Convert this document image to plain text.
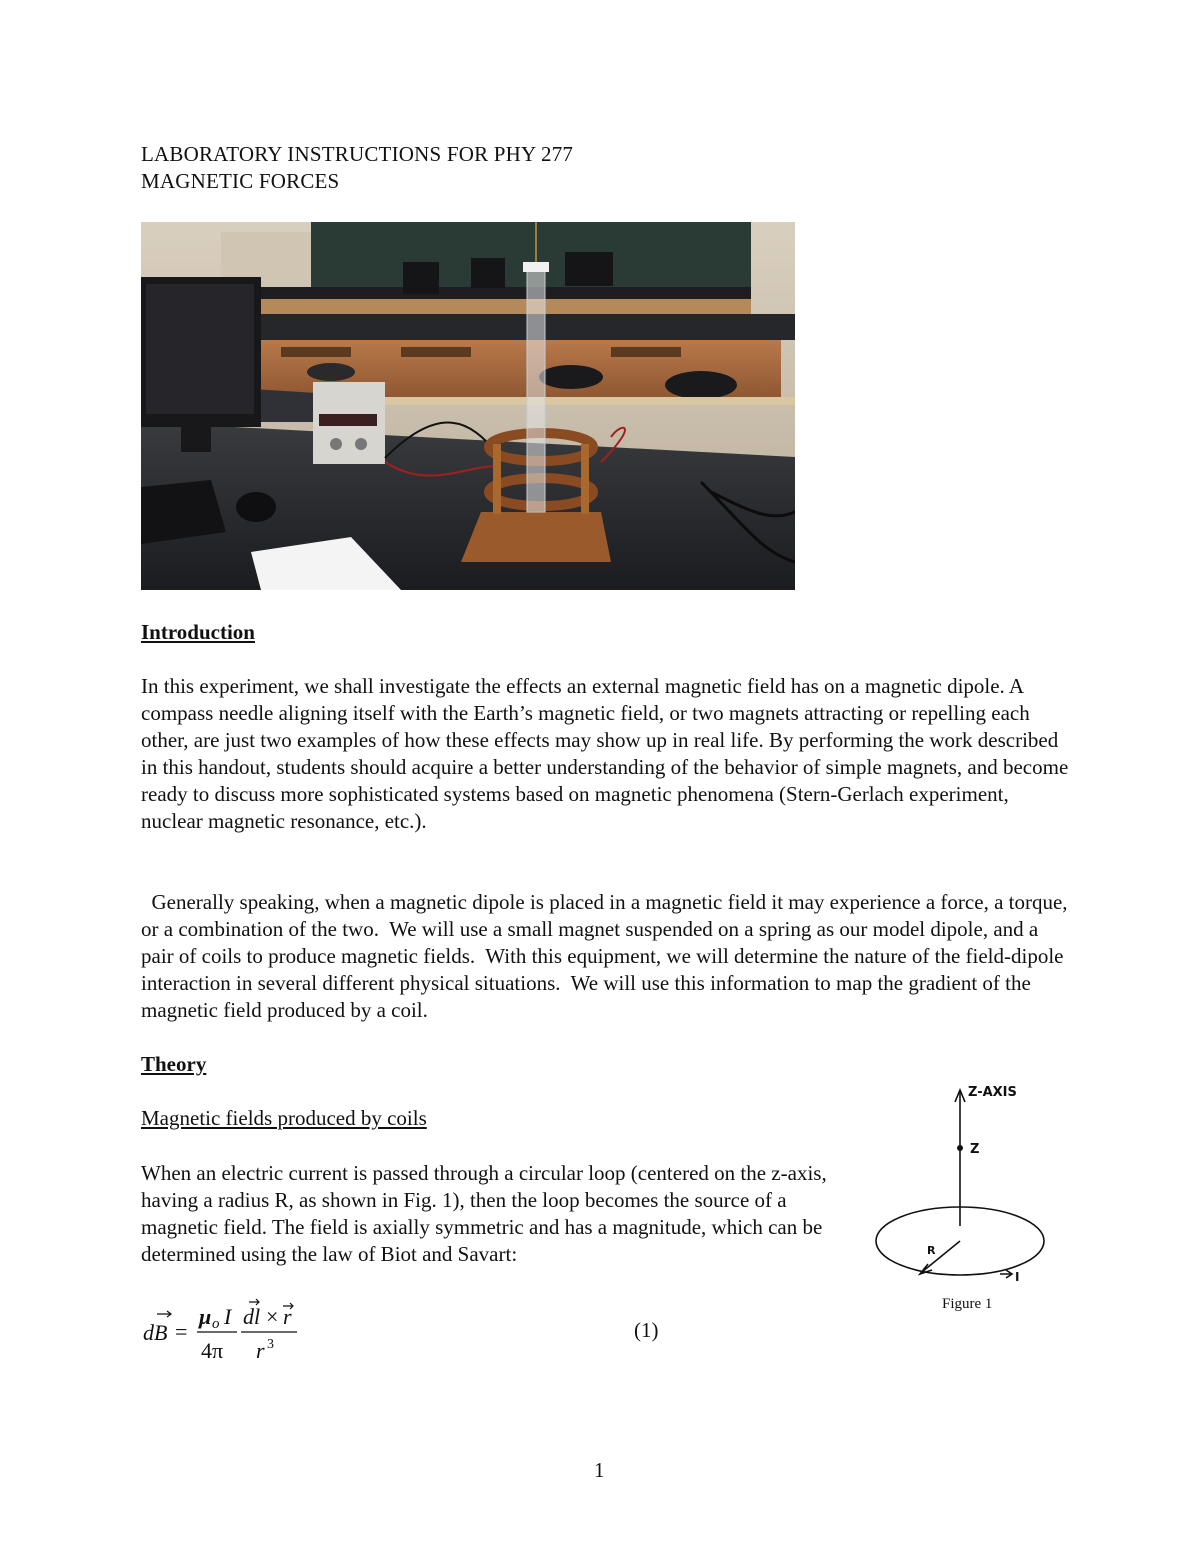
LABORATORY INSTRUCTIONS FOR PHY 277
MAGNETIC FORCES
Introduction

In this experiment, we shall investigate the effects an external magnetic field has on a magnetic dipole. A compass needle aligning itself with the Earth’s magnetic field, or two magnets attracting or repelling each other, are just two examples of how these effects may show up in real life. By performing the work described in this handout, students should acquire a better understanding of the behavior of simple magnets, and become ready to discuss more sophisticated systems based on magnetic phenomena (Stern-Gerlach experiment, nuclear magnetic resonance, etc.).

Generally speaking, when a magnetic dipole is placed in a magnetic field it may experience a force, a torque, or a combination of the two.  We will use a small magnet suspended on a spring as our model dipole, and a pair of coils to produce magnetic fields.  With this equipment, we will determine the nature of the field-dipole interaction in several different physical situations.  We will use this information to map the gradient of the magnetic field produced by a coil.

Theory
Magnetic fields produced by coils

When an electric current is passed through a circular loop (centered on the z-axis, having a radius R, as shown in Fig. 1), then the loop becomes the source of a magnetic field. The field is axially symmetric and has a magnitude, which can be determined using the law of Biot and Savart:

dB =
μ o I
4π
dl × r
r 3
(1)
Z-AXIS
Z
R
I
Figure 1
1
